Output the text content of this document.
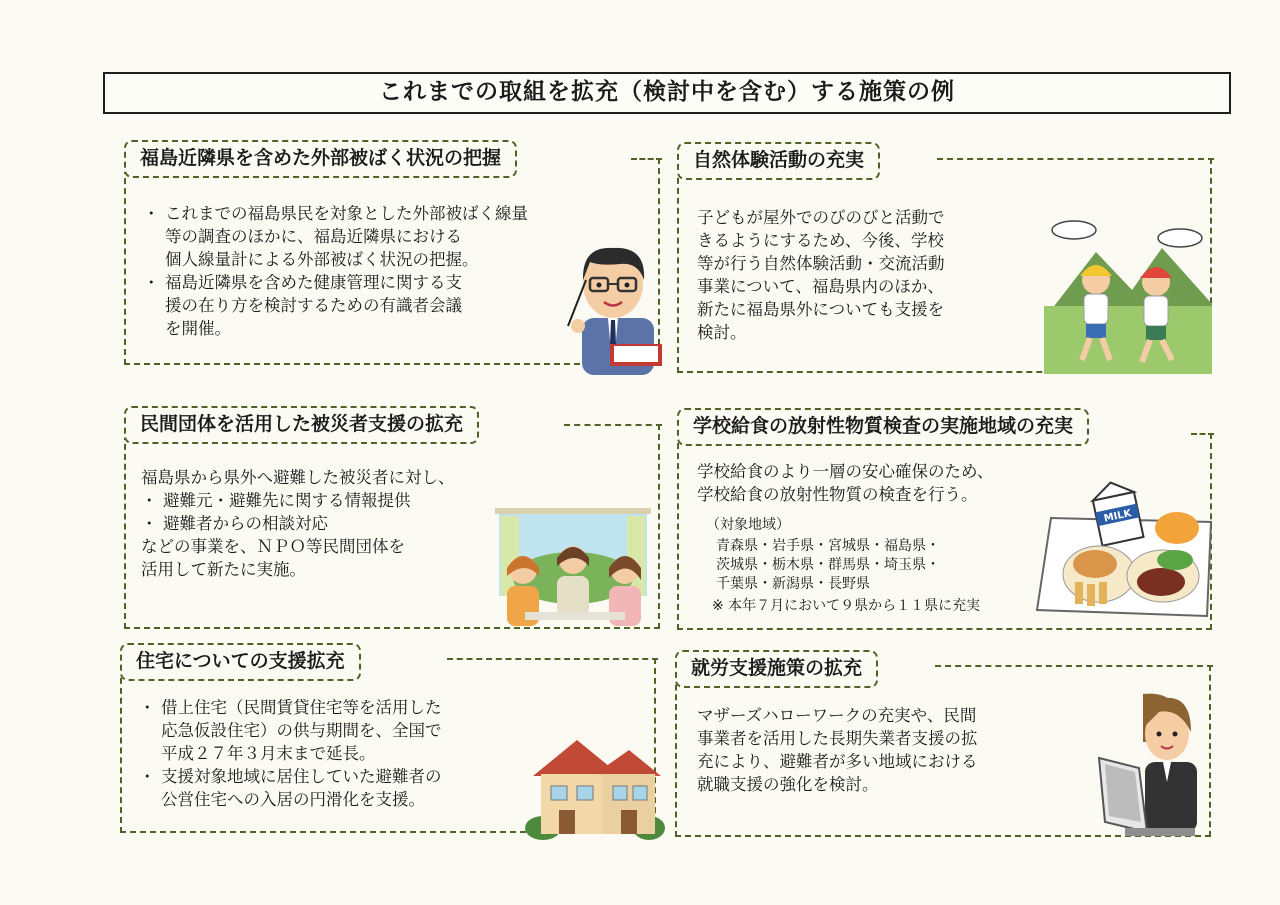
これまでの取組を拡充（検討中を含む）する施策の例
福島近隣県を含めた外部被ばく状況の把握
・ これまでの福島県民を対象とした外部被ばく線量
等の調査のほかに、福島近隣県における
個人線量計による外部被ばく状況の把握。
・ 福島近隣県を含めた健康管理に関する支
援の在り方を検討するための有識者会議
を開催。
自然体験活動の充実

子どもが屋外でのびのびと活動で
きるようにするため、今後、学校
等が行う自然体験活動・交流活動
事業について、福島県内のほか、
新たに福島県外についても支援を
検討。

民間団体を活用した被災者支援の拡充
福島県から県外へ避難した被災者に対し、
・ 避難元・避難先に関する情報提供
・ 避難者からの相談対応
などの事業を、ＮＰＯ等民間団体を
活用して新たに実施。
学校給食の放射性物質検査の実施地域の充実

学校給食のより一層の安心確保のため、
学校給食の放射性物質の検査を行う。

（対象地域）
青森県・岩手県・宮城県・福島県・
茨城県・栃木県・群馬県・埼玉県・
千葉県・新潟県・長野県
※ 本年７月において９県から１１県に充実
MILK
住宅についての支援拡充
・ 借上住宅（民間賃貸住宅等を活用した
応急仮設住宅）の供与期間を、全国で
平成２７年３月末まで延長。
・ 支援対象地域に居住していた避難者の
公営住宅への入居の円滑化を支援。
就労支援施策の拡充

マザーズハローワークの充実や、民間
事業者を活用した長期失業者支援の拡
充により、避難者が多い地域における
就職支援の強化を検討。
